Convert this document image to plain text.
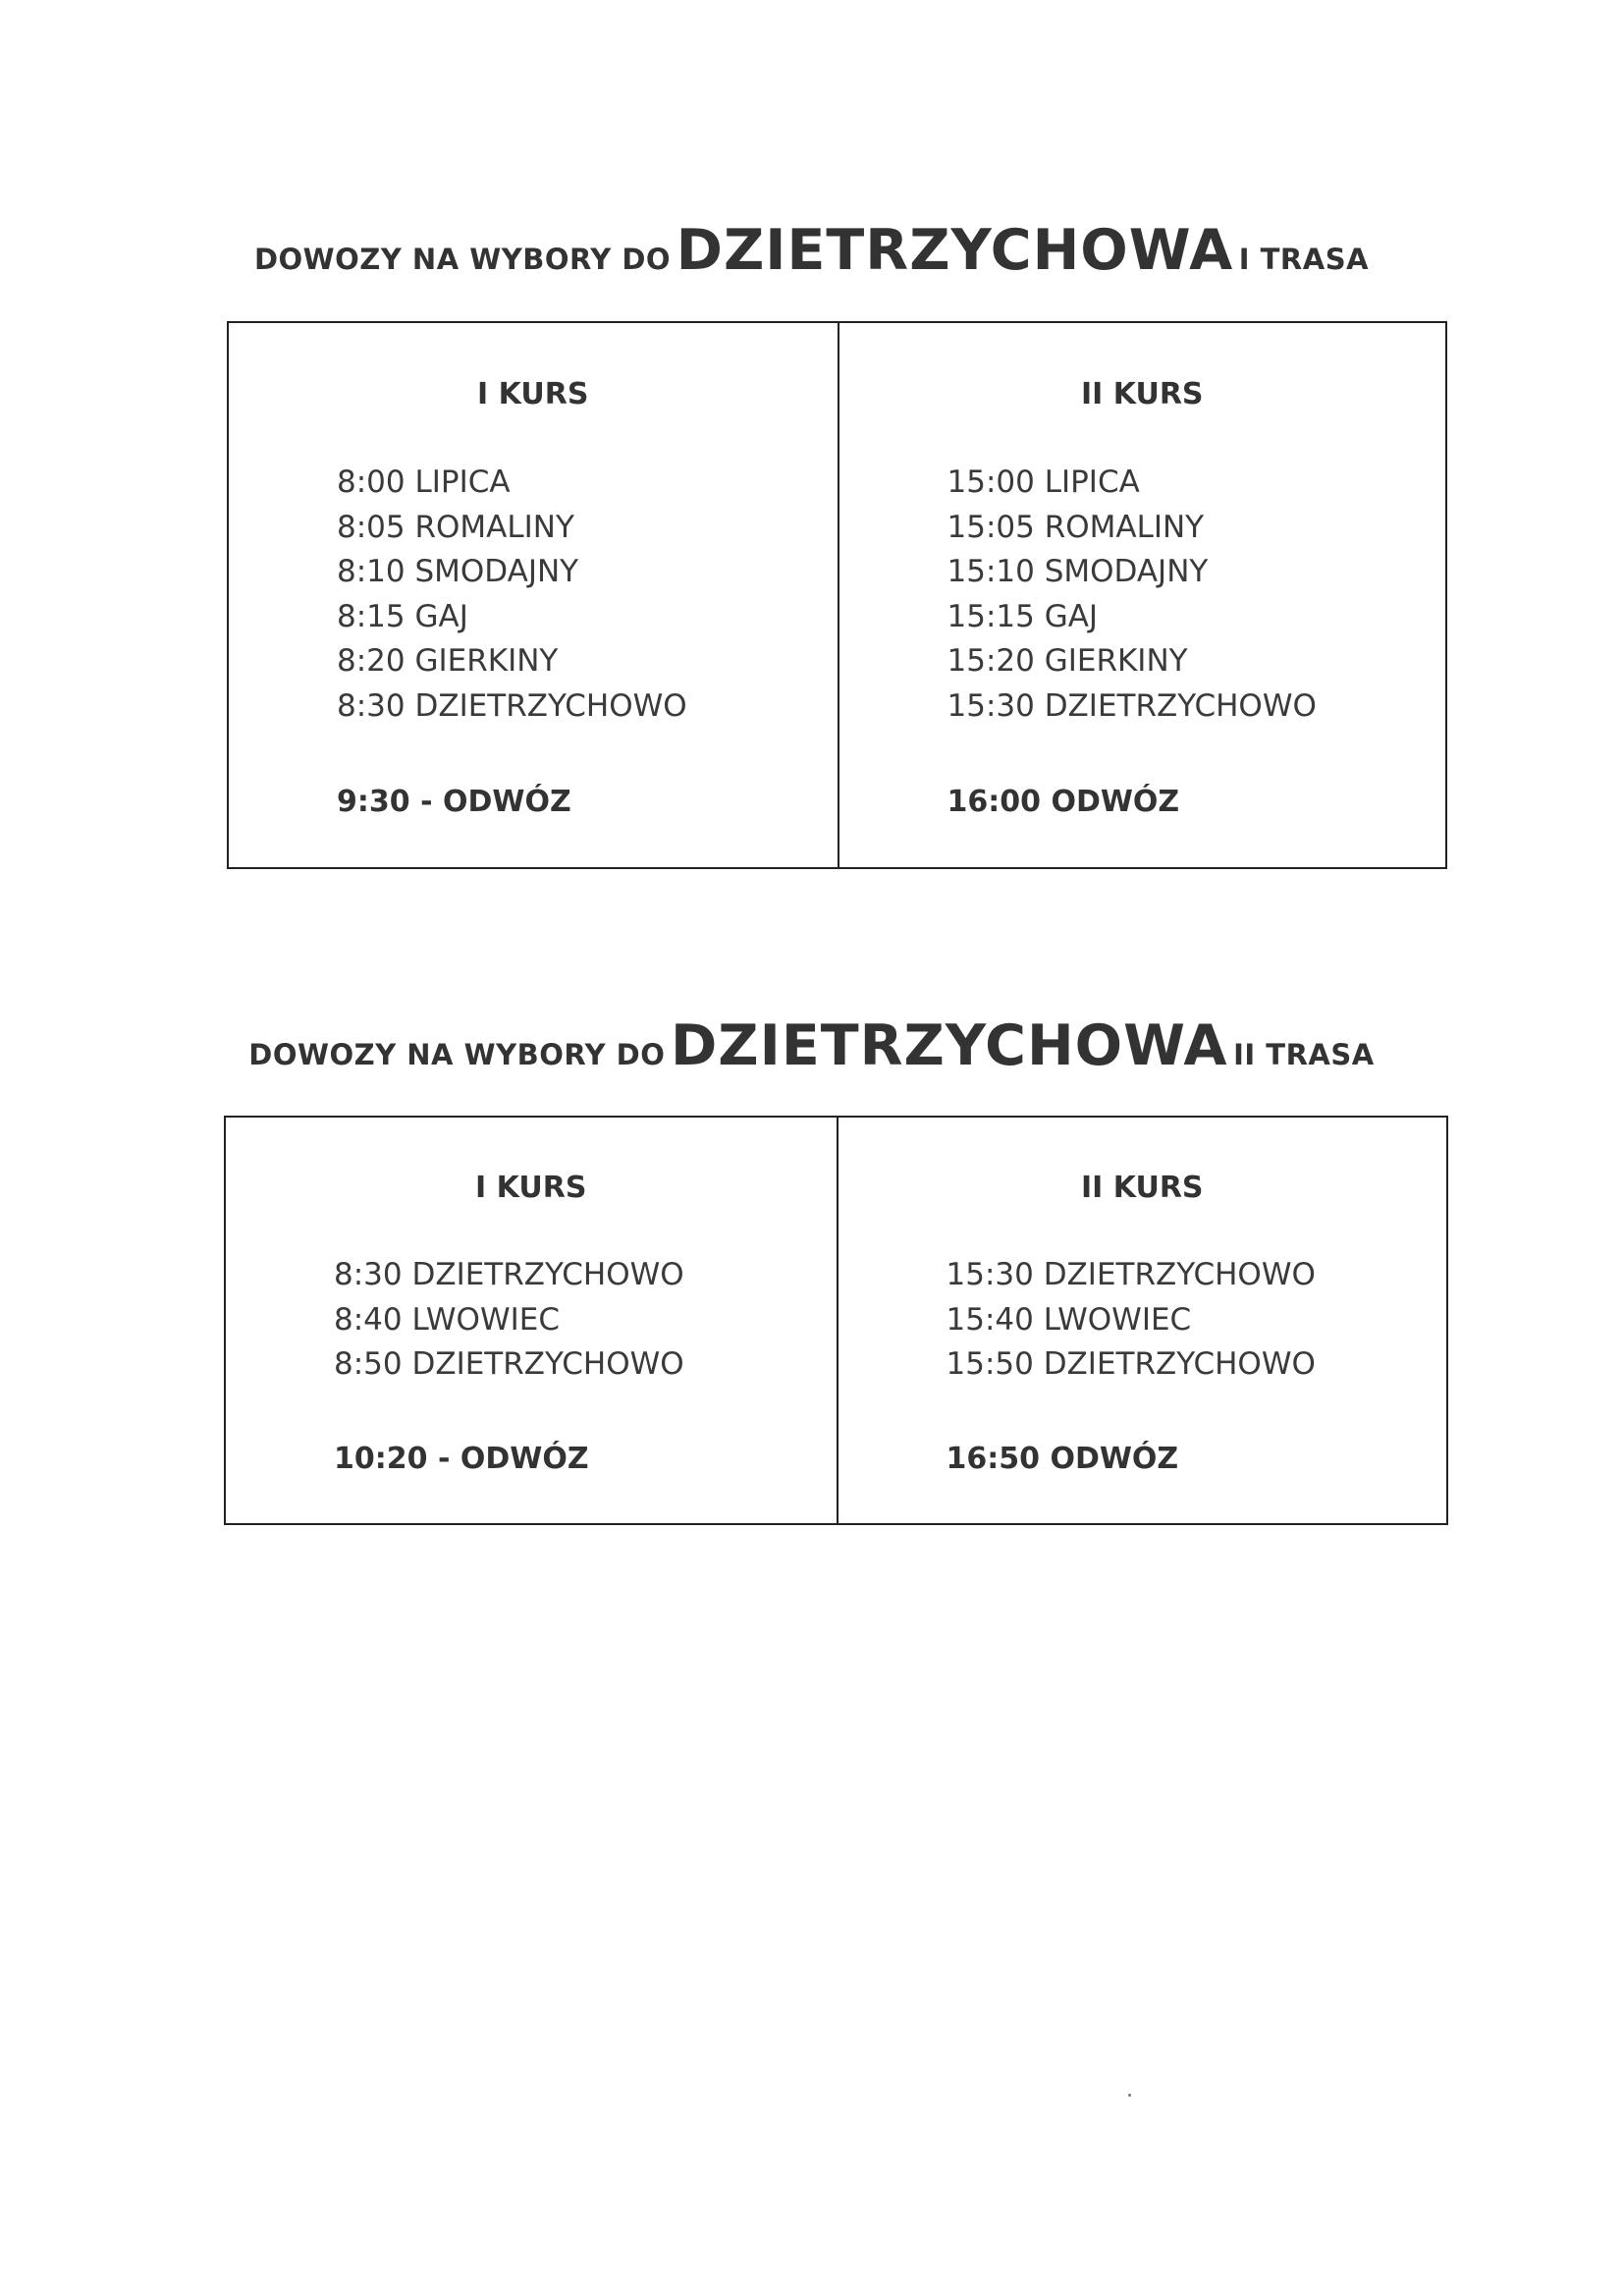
DOWOZY NA WYBORY DO DZIETRZYCHOWA I TRASA
I KURS
8:00 LIPICA
8:05 ROMALINY
8:10 SMODAJNY
8:15 GAJ
8:20 GIERKINY
8:30 DZIETRZYCHOWO
9:30 - ODWÓZ
II KURS
15:00 LIPICA
15:05 ROMALINY
15:10 SMODAJNY
15:15 GAJ
15:20 GIERKINY
15:30 DZIETRZYCHOWO
16:00 ODWÓZ
DOWOZY NA WYBORY DO DZIETRZYCHOWA II TRASA
I KURS
8:30 DZIETRZYCHOWO
8:40 LWOWIEC
8:50 DZIETRZYCHOWO
10:20 - ODWÓZ
II KURS
15:30 DZIETRZYCHOWO
15:40 LWOWIEC
15:50 DZIETRZYCHOWO
16:50 ODWÓZ
